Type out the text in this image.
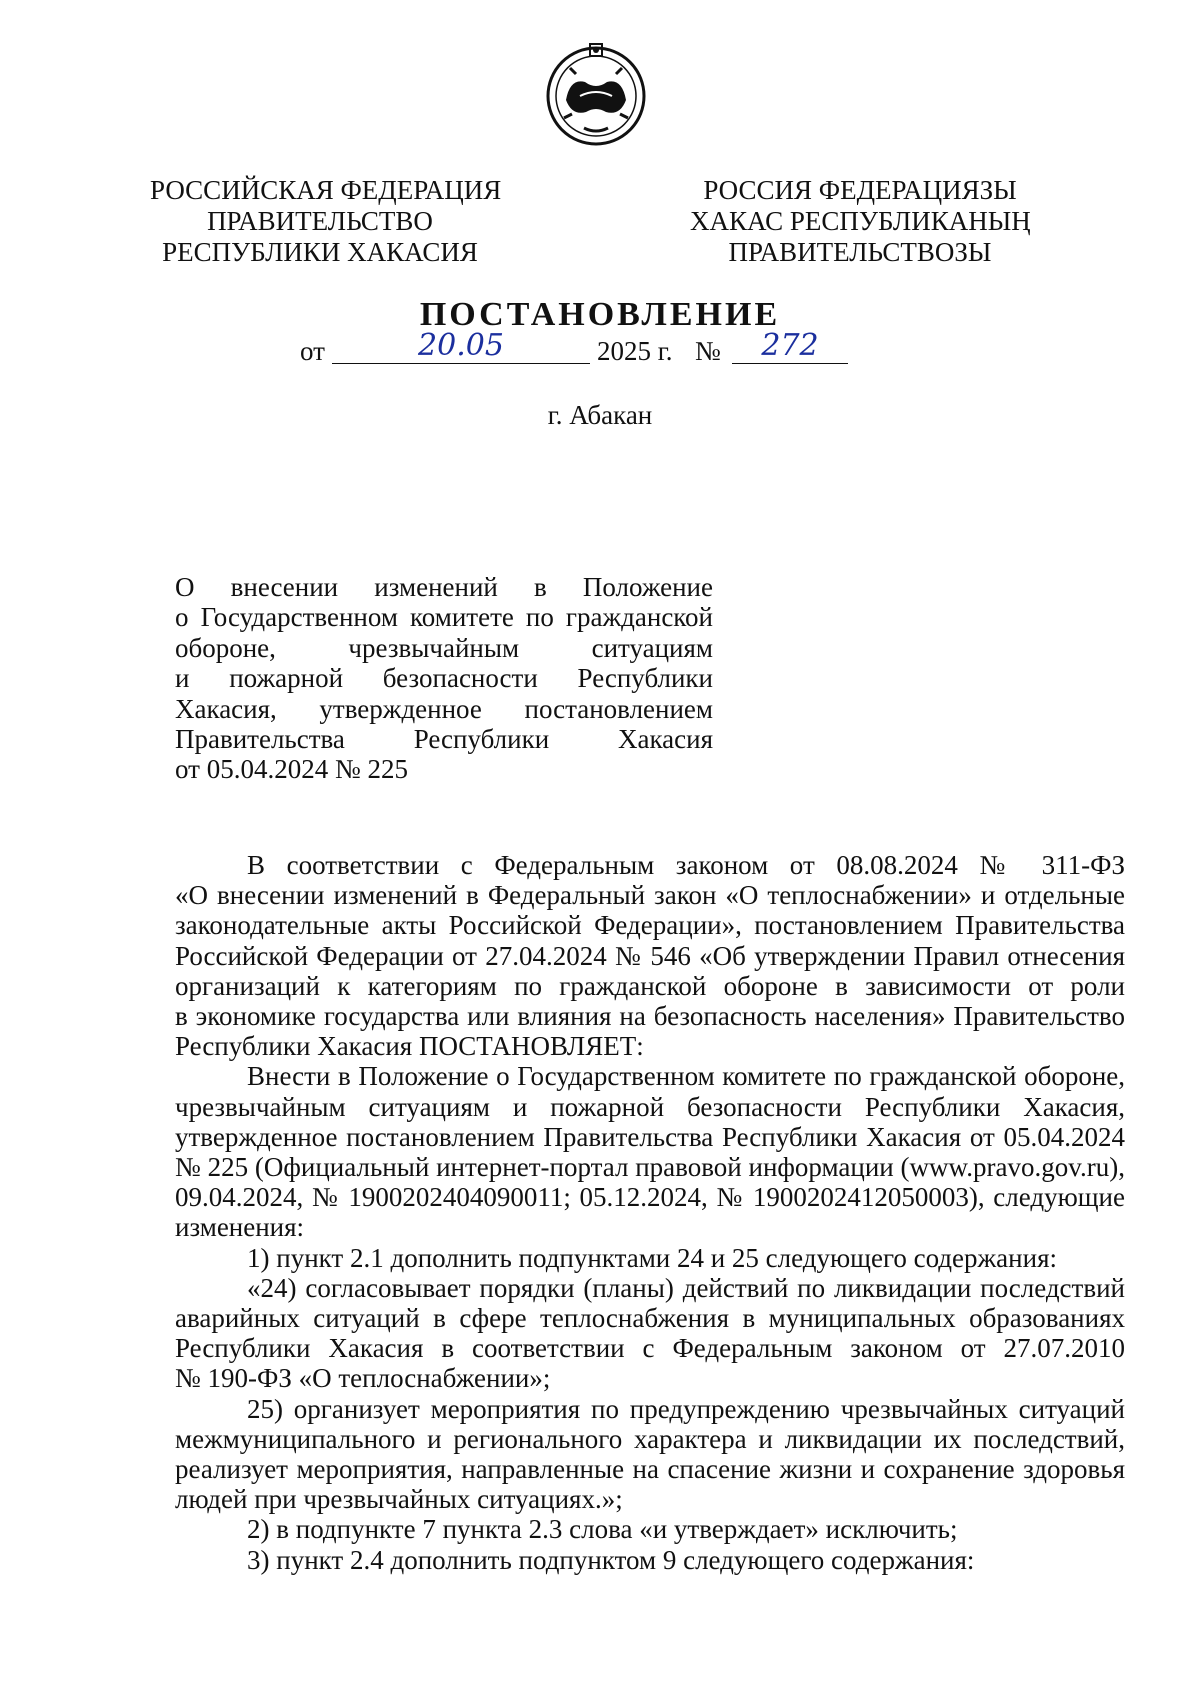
РОССИЙСКАЯ ФЕДЕРАЦИЯ
ПРАВИТЕЛЬСТВО
РЕСПУБЛИКИ ХАКАСИЯ
РОССИЯ ФЕДЕРАЦИЯЗЫ
ХАКАС РЕСПУБЛИКАНЫҢ
ПРАВИТЕЛЬСТВОЗЫ
ПОСТАНОВЛЕНИЕ
от	20.05	2025 г. №	272
г. Абакан
О внесении изменений в Положение
о Государственном комитете по гражданской
обороне, чрезвычайным ситуациям
и пожарной безопасности Республики
Хакасия, утвержденное постановлением
Правительства Республики Хакасия
от 05.04.2024 № 225
В соответствии с Федеральным законом от 08.08.2024 № 311-ФЗ
«О внесении изменений в Федеральный закон «О теплоснабжении» и отдельные
законодательные акты Российской Федерации», постановлением Правительства
Российской Федерации от 27.04.2024 № 546 «Об утверждении Правил отнесения
организаций к категориям по гражданской обороне в зависимости от роли
в экономике государства или влияния на безопасность населения» Правительство
Республики Хакасия ПОСТАНОВЛЯЕТ:
Внести в Положение о Государственном комитете по гражданской обороне,
чрезвычайным ситуациям и пожарной безопасности Республики Хакасия,
утвержденное постановлением Правительства Республики Хакасия от 05.04.2024
№ 225 (Официальный интернет-портал правовой информации (www.pravo.gov.ru),
09.04.2024, № 1900202404090011; 05.12.2024, № 1900202412050003), следующие
изменения:
1) пункт 2.1 дополнить подпунктами 24 и 25 следующего содержания:
«24) согласовывает порядки (планы) действий по ликвидации последствий
аварийных ситуаций в сфере теплоснабжения в муниципальных образованиях
Республики Хакасия в соответствии с Федеральным законом от 27.07.2010
№ 190-ФЗ «О теплоснабжении»;
25) организует мероприятия по предупреждению чрезвычайных ситуаций
межмуниципального и регионального характера и ликвидации их последствий,
реализует мероприятия, направленные на спасение жизни и сохранение здоровья
людей при чрезвычайных ситуациях.»;
2) в подпункте 7 пункта 2.3 слова «и утверждает» исключить;
3) пункт 2.4 дополнить подпунктом 9 следующего содержания:
